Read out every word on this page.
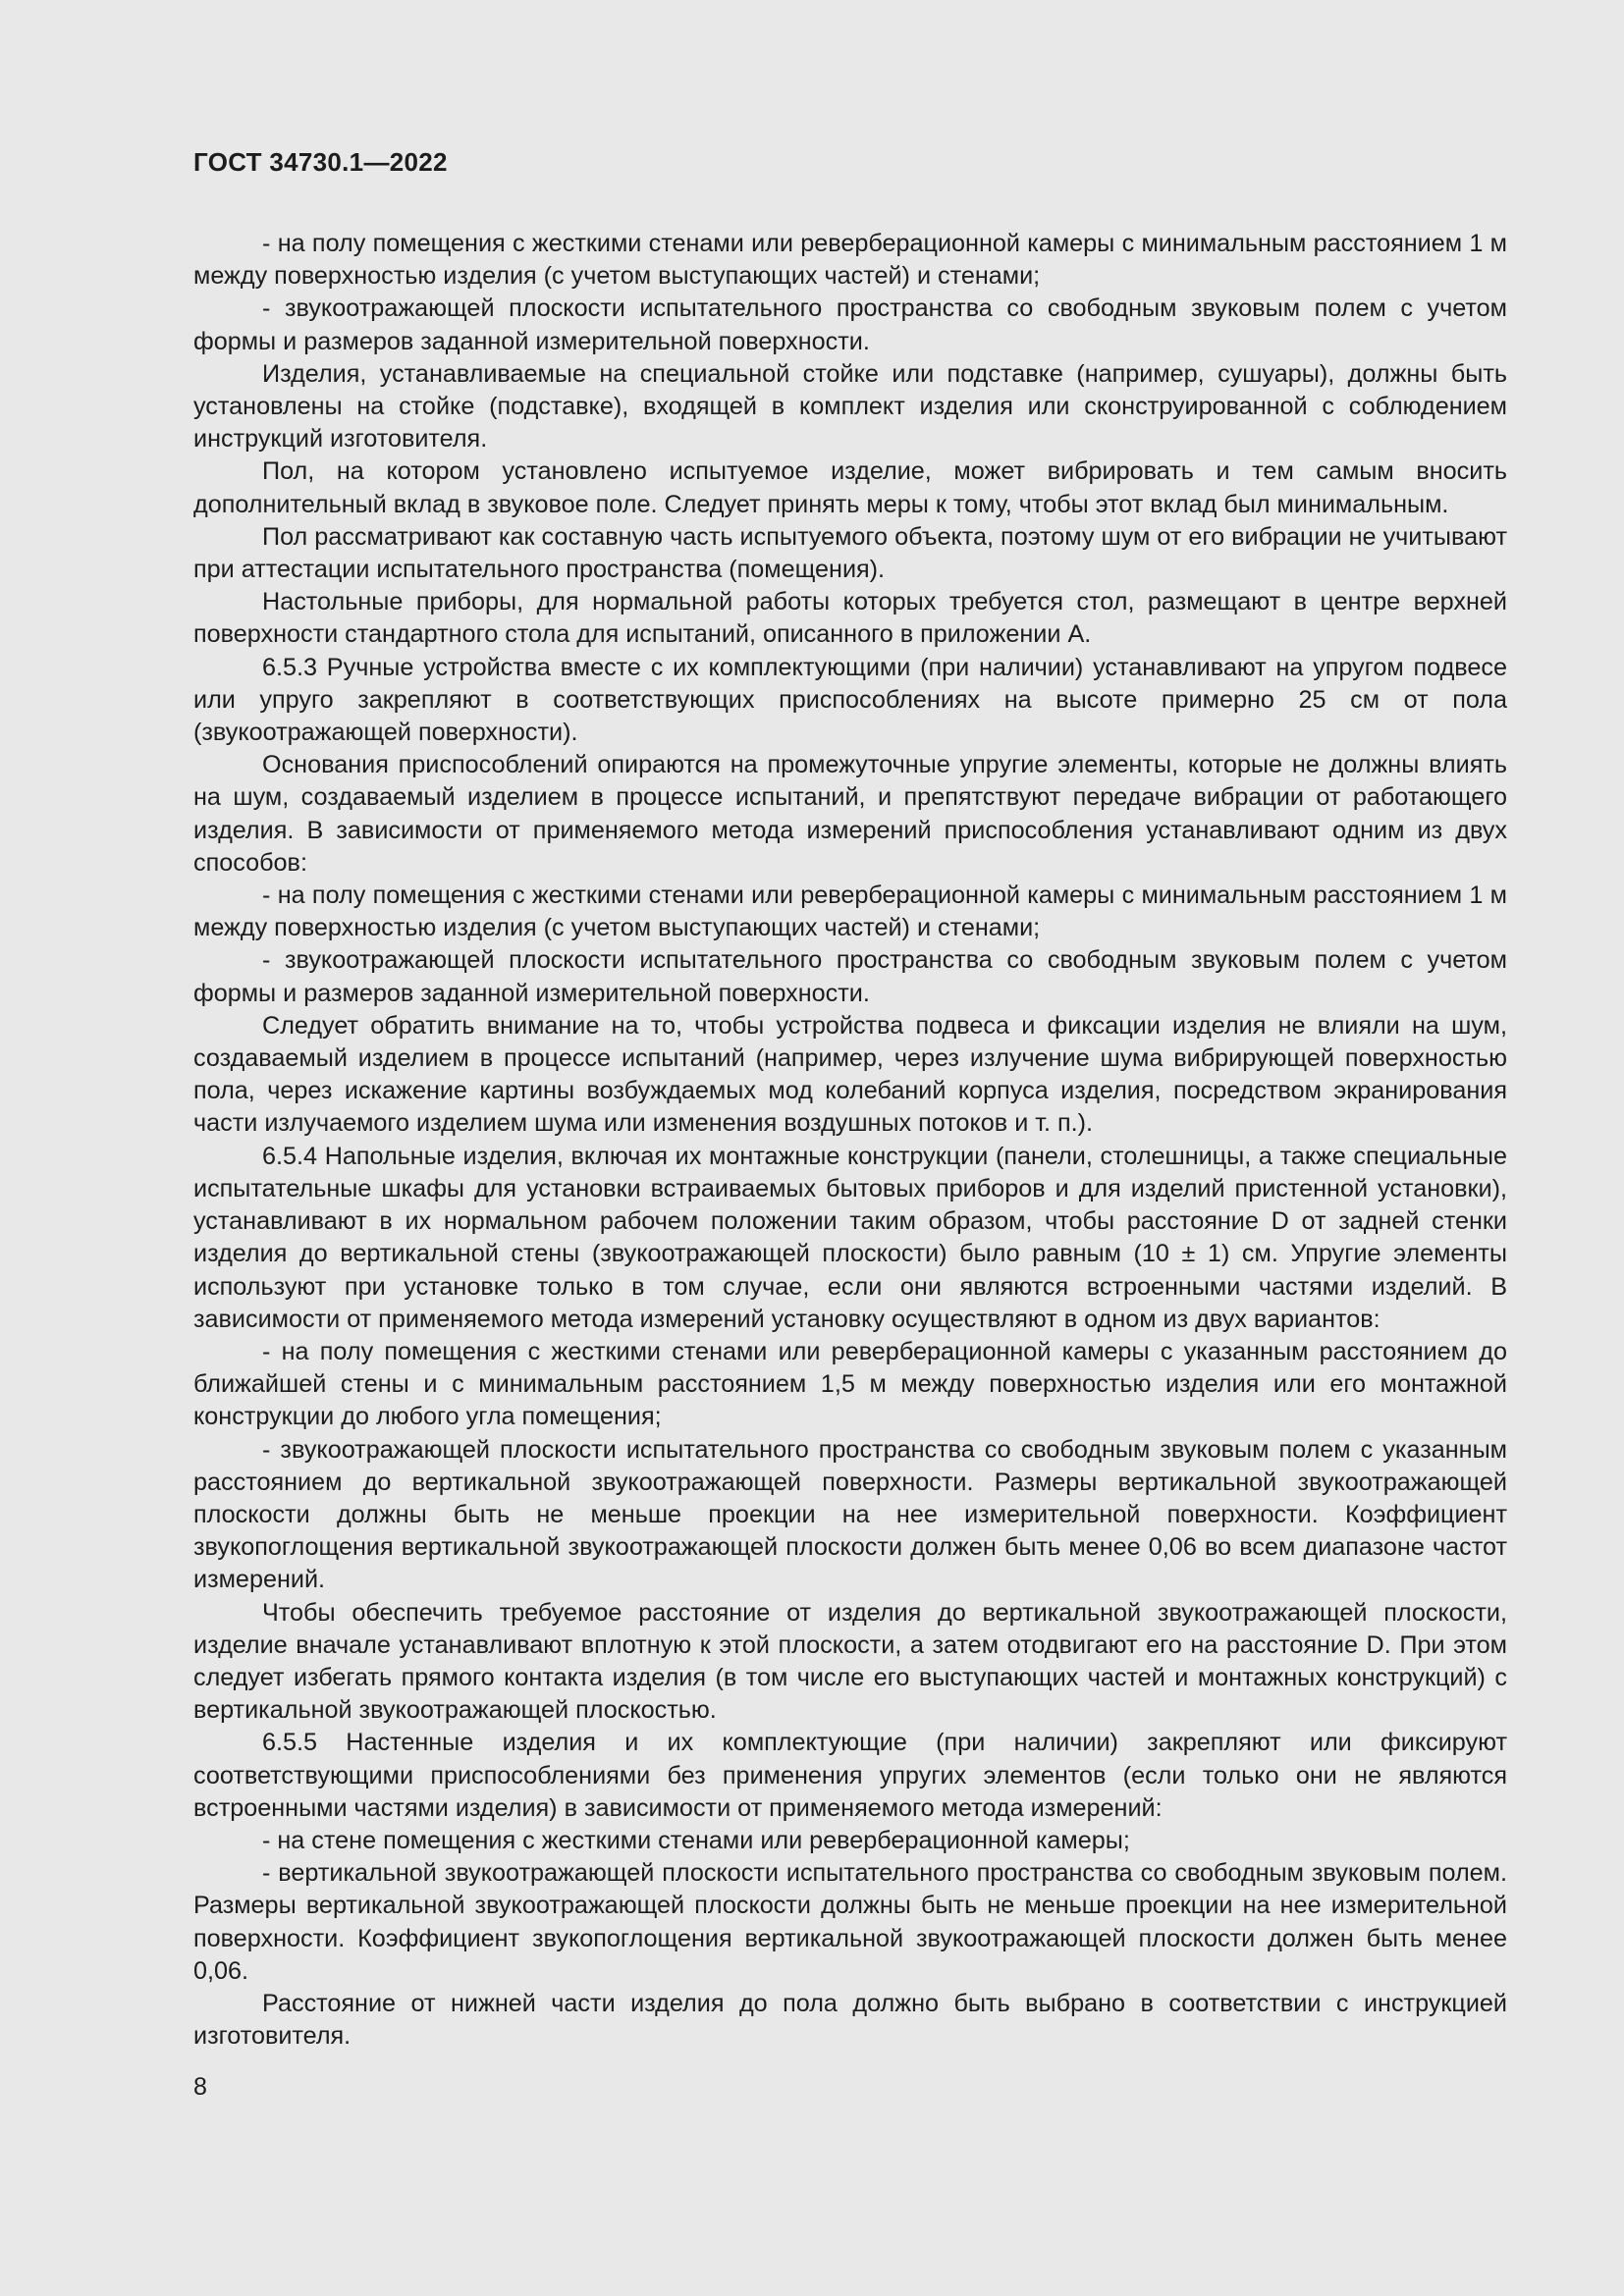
ГОСТ 34730.1—2022

- на полу помещения с жесткими стенами или реверберационной камеры с минимальным расстоянием 1 м между поверхностью изделия (с учетом выступающих частей) и стенами;

- звукоотражающей плоскости испытательного пространства со свободным звуковым полем с учетом формы и размеров заданной измерительной поверхности.

Изделия, устанавливаемые на специальной стойке или подставке (например, сушуары), должны быть установлены на стойке (подставке), входящей в комплект изделия или сконструированной с соблюдением инструкций изготовителя.

Пол, на котором установлено испытуемое изделие, может вибрировать и тем самым вносить дополнительный вклад в звуковое поле. Следует принять меры к тому, чтобы этот вклад был минимальным.

Пол рассматривают как составную часть испытуемого объекта, поэтому шум от его вибрации не учитывают при аттестации испытательного пространства (помещения).

Настольные приборы, для нормальной работы которых требуется стол, размещают в центре верхней поверхности стандартного стола для испытаний, описанного в приложении А.

6.5.3 Ручные устройства вместе с их комплектующими (при наличии) устанавливают на упругом подвесе или упруго закрепляют в соответствующих приспособлениях на высоте примерно 25 см от пола (звукоотражающей поверхности).

Основания приспособлений опираются на промежуточные упругие элементы, которые не должны влиять на шум, создаваемый изделием в процессе испытаний, и препятствуют передаче вибрации от работающего изделия. В зависимости от применяемого метода измерений приспособления устанавливают одним из двух способов:

- на полу помещения с жесткими стенами или реверберационной камеры с минимальным расстоянием 1 м между поверхностью изделия (с учетом выступающих частей) и стенами;

- звукоотражающей плоскости испытательного пространства со свободным звуковым полем с учетом формы и размеров заданной измерительной поверхности.

Следует обратить внимание на то, чтобы устройства подвеса и фиксации изделия не влияли на шум, создаваемый изделием в процессе испытаний (например, через излучение шума вибрирующей поверхностью пола, через искажение картины возбуждаемых мод колебаний корпуса изделия, посредством экранирования части излучаемого изделием шума или изменения воздушных потоков и т. п.).

6.5.4 Напольные изделия, включая их монтажные конструкции (панели, столешницы, а также специальные испытательные шкафы для установки встраиваемых бытовых приборов и для изделий пристенной установки), устанавливают в их нормальном рабочем положении таким образом, чтобы расстояние D от задней стенки изделия до вертикальной стены (звукоотражающей плоскости) было равным (10 ± 1) см. Упругие элементы используют при установке только в том случае, если они являются встроенными частями изделий. В зависимости от применяемого метода измерений установку осуществляют в одном из двух вариантов:

- на полу помещения с жесткими стенами или реверберационной камеры с указанным расстоянием до ближайшей стены и с минимальным расстоянием 1,5 м между поверхностью изделия или его монтажной конструкции до любого угла помещения;

- звукоотражающей плоскости испытательного пространства со свободным звуковым полем с указанным расстоянием до вертикальной звукоотражающей поверхности. Размеры вертикальной звукоотражающей плоскости должны быть не меньше проекции на нее измерительной поверхности. Коэффициент звукопоглощения вертикальной звукоотражающей плоскости должен быть менее 0,06 во всем диапазоне частот измерений.

Чтобы обеспечить требуемое расстояние от изделия до вертикальной звукоотражающей плоскости, изделие вначале устанавливают вплотную к этой плоскости, а затем отодвигают его на расстояние D. При этом следует избегать прямого контакта изделия (в том числе его выступающих частей и монтажных конструкций) с вертикальной звукоотражающей плоскостью.

6.5.5 Настенные изделия и их комплектующие (при наличии) закрепляют или фиксируют соответствующими приспособлениями без применения упругих элементов (если только они не являются встроенными частями изделия) в зависимости от применяемого метода измерений:

- на стене помещения с жесткими стенами или реверберационной камеры;

- вертикальной звукоотражающей плоскости испытательного пространства со свободным звуковым полем. Размеры вертикальной звукоотражающей плоскости должны быть не меньше проекции на нее измерительной поверхности. Коэффициент звукопоглощения вертикальной звукоотражающей плоскости должен быть менее 0,06.

Расстояние от нижней части изделия до пола должно быть выбрано в соответствии с инструкцией изготовителя.

8
